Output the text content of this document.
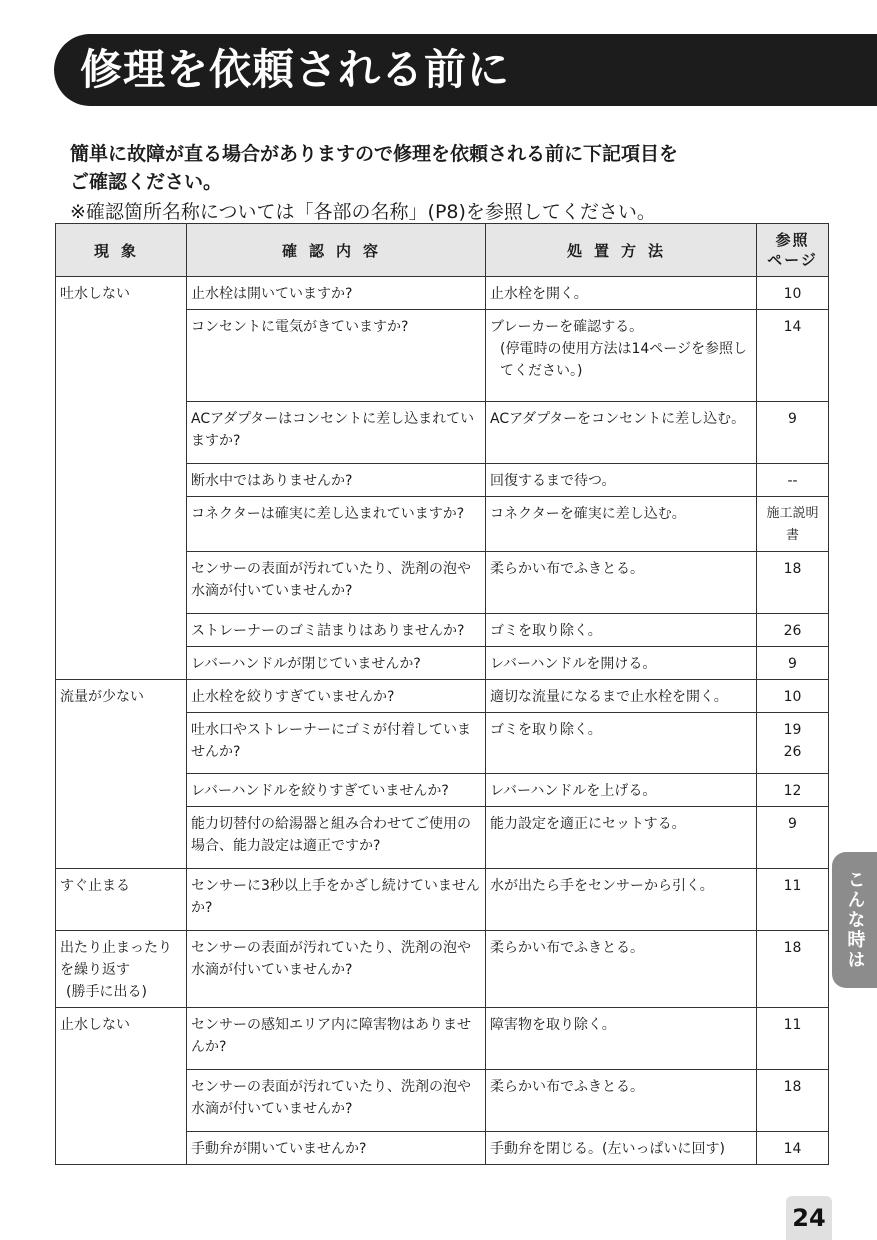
修理を依頼される前に
簡単に故障が直る場合がありますので修理を依頼される前に下記項目を
ご確認ください。
※確認箇所名称については「各部の名称」(P8)を参照してください。
現象	確認内容	処置方法	参照
ページ

吐水しない	止水栓は開いていますか?	止水栓を開く。	10

	コンセントに電気がきていますか?	ブレーカーを確認する。
(停電時の使用方法は14ページを参照してください。)	14

	ACアダプターはコンセントに差し込まれていますか?	ACアダプターをコンセントに差し込む。	9

	断水中ではありませんか?	回復するまで待つ。	--

	コネクターは確実に差し込まれていますか?	コネクターを確実に差し込む。	施工説明書

	センサーの表面が汚れていたり、洗剤の泡や水滴が付いていませんか?	柔らかい布でふきとる。	18

	ストレーナーのゴミ詰まりはありませんか?	ゴミを取り除く。	26

	レバーハンドルが閉じていませんか?	レバーハンドルを開ける。	9

流量が少ない	止水栓を絞りすぎていませんか?	適切な流量になるまで止水栓を開く。	10

	吐水口やストレーナーにゴミが付着していませんか?	ゴミを取り除く。	19
26

	レバーハンドルを絞りすぎていませんか?	レバーハンドルを上げる。	12

	能力切替付の給湯器と組み合わせてご使用の場合、能力設定は適正ですか?	能力設定を適正にセットする。	9

すぐ止まる	センサーに3秒以上手をかざし続けていませんか?	水が出たら手をセンサーから引く。	11

出たり止まったり
を繰り返す
(勝手に出る)	センサーの表面が汚れていたり、洗剤の泡や水滴が付いていませんか?	柔らかい布でふきとる。	18

止水しない	センサーの感知エリア内に障害物はありませんか?	障害物を取り除く。	11

	センサーの表面が汚れていたり、洗剤の泡や水滴が付いていませんか?	柔らかい布でふきとる。	18

	手動弁が開いていませんか?	手動弁を閉じる。(左いっぱいに回す)	14
こんな時は
24
